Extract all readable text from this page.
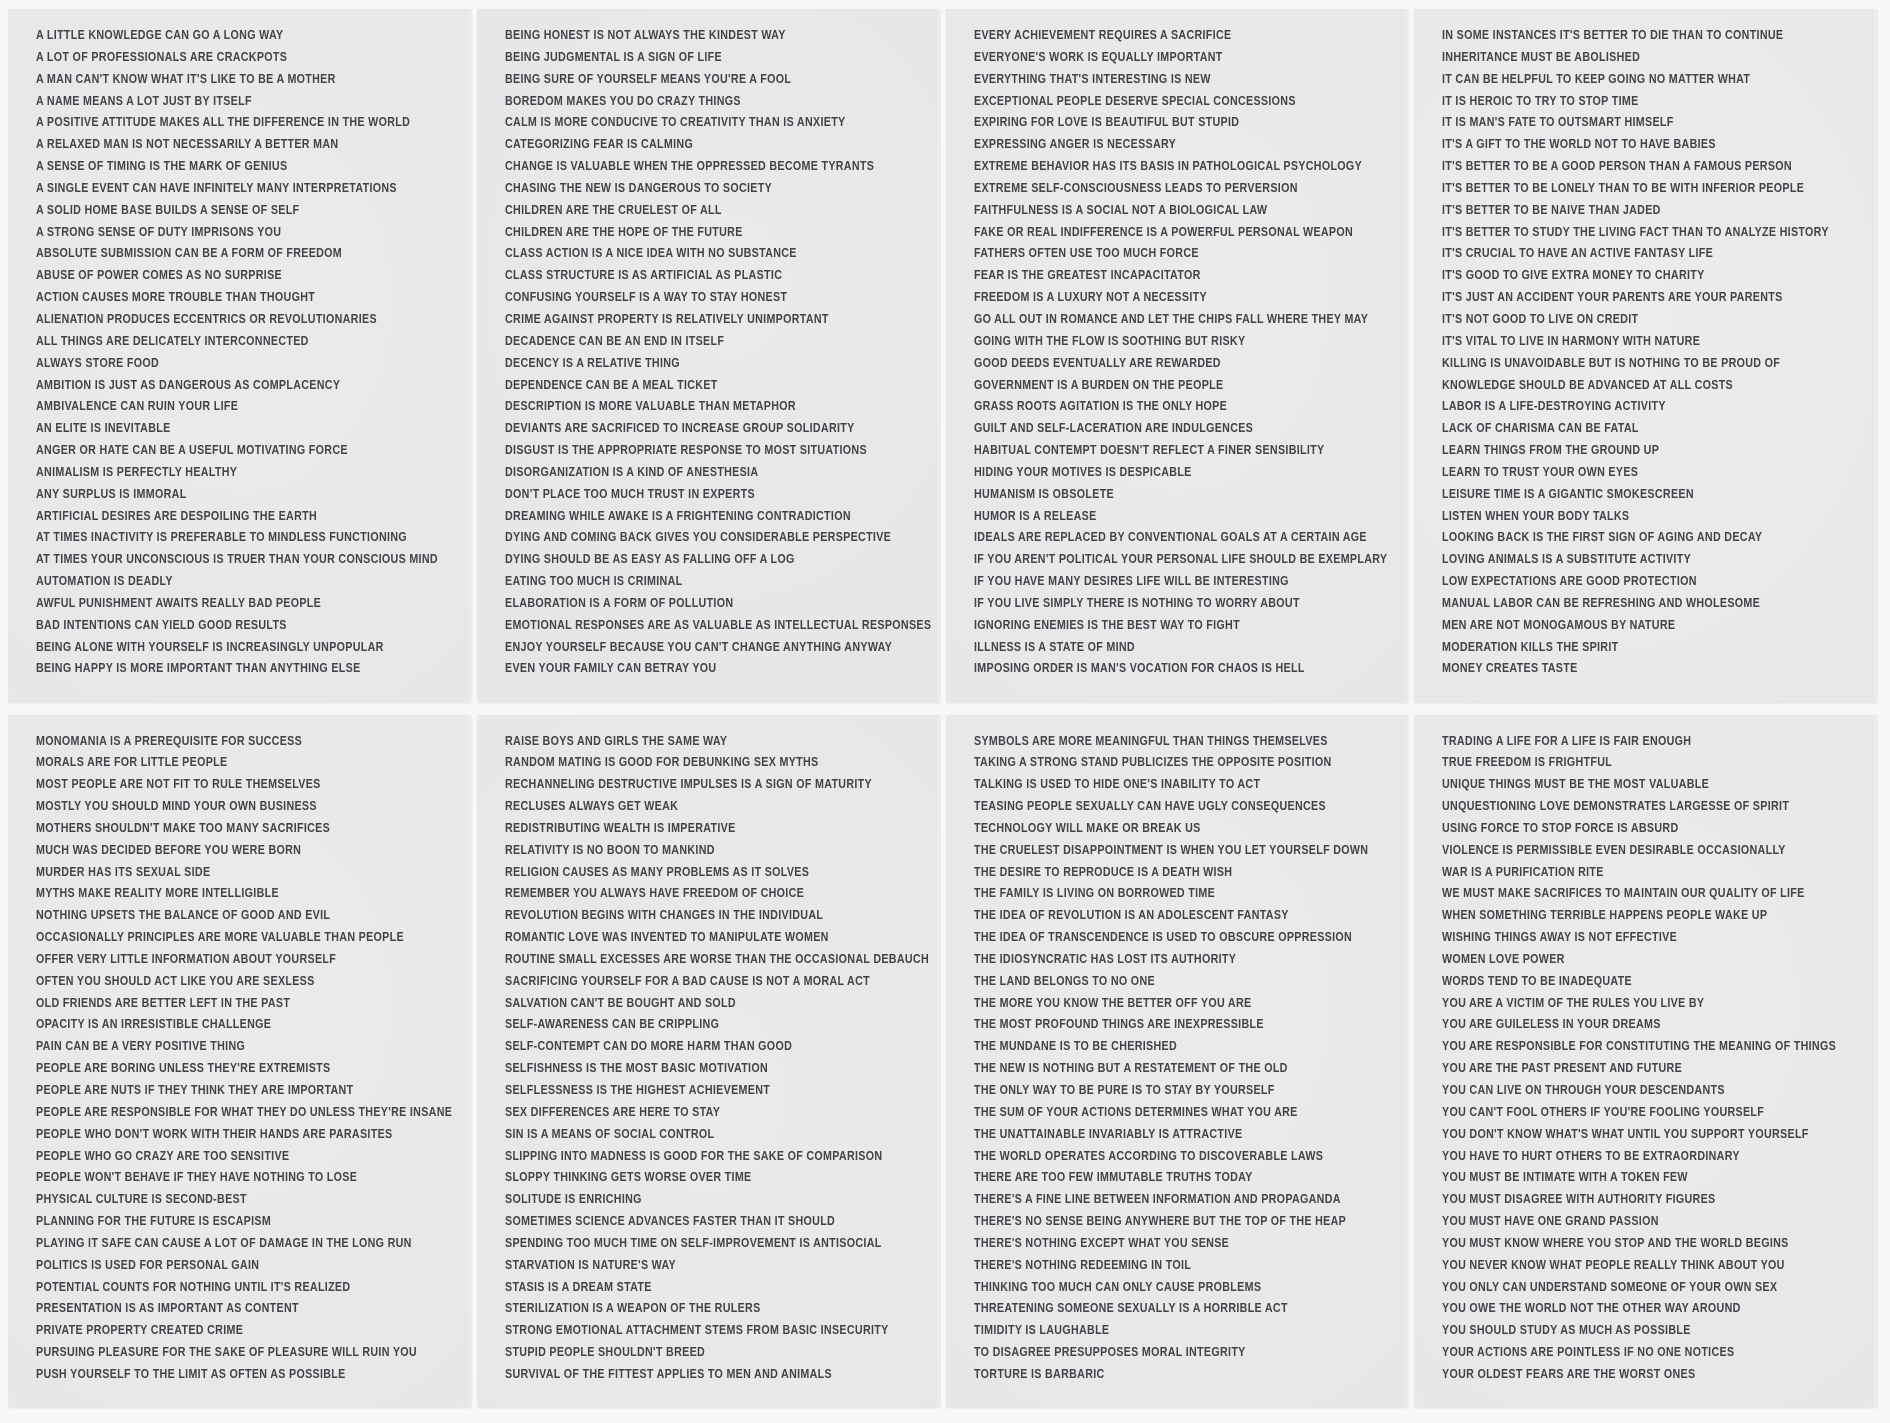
A LITTLE KNOWLEDGE CAN GO A LONG WAY
A LOT OF PROFESSIONALS ARE CRACKPOTS
A MAN CAN'T KNOW WHAT IT'S LIKE TO BE A MOTHER
A NAME MEANS A LOT JUST BY ITSELF
A POSITIVE ATTITUDE MAKES ALL THE DIFFERENCE IN THE WORLD
A RELAXED MAN IS NOT NECESSARILY A BETTER MAN
A SENSE OF TIMING IS THE MARK OF GENIUS
A SINGLE EVENT CAN HAVE INFINITELY MANY INTERPRETATIONS
A SOLID HOME BASE BUILDS A SENSE OF SELF
A STRONG SENSE OF DUTY IMPRISONS YOU
ABSOLUTE SUBMISSION CAN BE A FORM OF FREEDOM
ABUSE OF POWER COMES AS NO SURPRISE
ACTION CAUSES MORE TROUBLE THAN THOUGHT
ALIENATION PRODUCES ECCENTRICS OR REVOLUTIONARIES
ALL THINGS ARE DELICATELY INTERCONNECTED
ALWAYS STORE FOOD
AMBITION IS JUST AS DANGEROUS AS COMPLACENCY
AMBIVALENCE CAN RUIN YOUR LIFE
AN ELITE IS INEVITABLE
ANGER OR HATE CAN BE A USEFUL MOTIVATING FORCE
ANIMALISM IS PERFECTLY HEALTHY
ANY SURPLUS IS IMMORAL
ARTIFICIAL DESIRES ARE DESPOILING THE EARTH
AT TIMES INACTIVITY IS PREFERABLE TO MINDLESS FUNCTIONING
AT TIMES YOUR UNCONSCIOUS IS TRUER THAN YOUR CONSCIOUS MIND
AUTOMATION IS DEADLY
AWFUL PUNISHMENT AWAITS REALLY BAD PEOPLE
BAD INTENTIONS CAN YIELD GOOD RESULTS
BEING ALONE WITH YOURSELF IS INCREASINGLY UNPOPULAR
BEING HAPPY IS MORE IMPORTANT THAN ANYTHING ELSE
BEING HONEST IS NOT ALWAYS THE KINDEST WAY
BEING JUDGMENTAL IS A SIGN OF LIFE
BEING SURE OF YOURSELF MEANS YOU'RE A FOOL
BOREDOM MAKES YOU DO CRAZY THINGS
CALM IS MORE CONDUCIVE TO CREATIVITY THAN IS ANXIETY
CATEGORIZING FEAR IS CALMING
CHANGE IS VALUABLE WHEN THE OPPRESSED BECOME TYRANTS
CHASING THE NEW IS DANGEROUS TO SOCIETY
CHILDREN ARE THE CRUELEST OF ALL
CHILDREN ARE THE HOPE OF THE FUTURE
CLASS ACTION IS A NICE IDEA WITH NO SUBSTANCE
CLASS STRUCTURE IS AS ARTIFICIAL AS PLASTIC
CONFUSING YOURSELF IS A WAY TO STAY HONEST
CRIME AGAINST PROPERTY IS RELATIVELY UNIMPORTANT
DECADENCE CAN BE AN END IN ITSELF
DECENCY IS A RELATIVE THING
DEPENDENCE CAN BE A MEAL TICKET
DESCRIPTION IS MORE VALUABLE THAN METAPHOR
DEVIANTS ARE SACRIFICED TO INCREASE GROUP SOLIDARITY
DISGUST IS THE APPROPRIATE RESPONSE TO MOST SITUATIONS
DISORGANIZATION IS A KIND OF ANESTHESIA
DON'T PLACE TOO MUCH TRUST IN EXPERTS
DREAMING WHILE AWAKE IS A FRIGHTENING CONTRADICTION
DYING AND COMING BACK GIVES YOU CONSIDERABLE PERSPECTIVE
DYING SHOULD BE AS EASY AS FALLING OFF A LOG
EATING TOO MUCH IS CRIMINAL
ELABORATION IS A FORM OF POLLUTION
EMOTIONAL RESPONSES ARE AS VALUABLE AS INTELLECTUAL RESPONSES
ENJOY YOURSELF BECAUSE YOU CAN'T CHANGE ANYTHING ANYWAY
EVEN YOUR FAMILY CAN BETRAY YOU
EVERY ACHIEVEMENT REQUIRES A SACRIFICE
EVERYONE'S WORK IS EQUALLY IMPORTANT
EVERYTHING THAT'S INTERESTING IS NEW
EXCEPTIONAL PEOPLE DESERVE SPECIAL CONCESSIONS
EXPIRING FOR LOVE IS BEAUTIFUL BUT STUPID
EXPRESSING ANGER IS NECESSARY
EXTREME BEHAVIOR HAS ITS BASIS IN PATHOLOGICAL PSYCHOLOGY
EXTREME SELF-CONSCIOUSNESS LEADS TO PERVERSION
FAITHFULNESS IS A SOCIAL NOT A BIOLOGICAL LAW
FAKE OR REAL INDIFFERENCE IS A POWERFUL PERSONAL WEAPON
FATHERS OFTEN USE TOO MUCH FORCE
FEAR IS THE GREATEST INCAPACITATOR
FREEDOM IS A LUXURY NOT A NECESSITY
GO ALL OUT IN ROMANCE AND LET THE CHIPS FALL WHERE THEY MAY
GOING WITH THE FLOW IS SOOTHING BUT RISKY
GOOD DEEDS EVENTUALLY ARE REWARDED
GOVERNMENT IS A BURDEN ON THE PEOPLE
GRASS ROOTS AGITATION IS THE ONLY HOPE
GUILT AND SELF-LACERATION ARE INDULGENCES
HABITUAL CONTEMPT DOESN'T REFLECT A FINER SENSIBILITY
HIDING YOUR MOTIVES IS DESPICABLE
HUMANISM IS OBSOLETE
HUMOR IS A RELEASE
IDEALS ARE REPLACED BY CONVENTIONAL GOALS AT A CERTAIN AGE
IF YOU AREN'T POLITICAL YOUR PERSONAL LIFE SHOULD BE EXEMPLARY
IF YOU HAVE MANY DESIRES LIFE WILL BE INTERESTING
IF YOU LIVE SIMPLY THERE IS NOTHING TO WORRY ABOUT
IGNORING ENEMIES IS THE BEST WAY TO FIGHT
ILLNESS IS A STATE OF MIND
IMPOSING ORDER IS MAN'S VOCATION FOR CHAOS IS HELL
IN SOME INSTANCES IT'S BETTER TO DIE THAN TO CONTINUE
INHERITANCE MUST BE ABOLISHED
IT CAN BE HELPFUL TO KEEP GOING NO MATTER WHAT
IT IS HEROIC TO TRY TO STOP TIME
IT IS MAN'S FATE TO OUTSMART HIMSELF
IT'S A GIFT TO THE WORLD NOT TO HAVE BABIES
IT'S BETTER TO BE A GOOD PERSON THAN A FAMOUS PERSON
IT'S BETTER TO BE LONELY THAN TO BE WITH INFERIOR PEOPLE
IT'S BETTER TO BE NAIVE THAN JADED
IT'S BETTER TO STUDY THE LIVING FACT THAN TO ANALYZE HISTORY
IT'S CRUCIAL TO HAVE AN ACTIVE FANTASY LIFE
IT'S GOOD TO GIVE EXTRA MONEY TO CHARITY
IT'S JUST AN ACCIDENT YOUR PARENTS ARE YOUR PARENTS
IT'S NOT GOOD TO LIVE ON CREDIT
IT'S VITAL TO LIVE IN HARMONY WITH NATURE
KILLING IS UNAVOIDABLE BUT IS NOTHING TO BE PROUD OF
KNOWLEDGE SHOULD BE ADVANCED AT ALL COSTS
LABOR IS A LIFE-DESTROYING ACTIVITY
LACK OF CHARISMA CAN BE FATAL
LEARN THINGS FROM THE GROUND UP
LEARN TO TRUST YOUR OWN EYES
LEISURE TIME IS A GIGANTIC SMOKESCREEN
LISTEN WHEN YOUR BODY TALKS
LOOKING BACK IS THE FIRST SIGN OF AGING AND DECAY
LOVING ANIMALS IS A SUBSTITUTE ACTIVITY
LOW EXPECTATIONS ARE GOOD PROTECTION
MANUAL LABOR CAN BE REFRESHING AND WHOLESOME
MEN ARE NOT MONOGAMOUS BY NATURE
MODERATION KILLS THE SPIRIT
MONEY CREATES TASTE
MONOMANIA IS A PREREQUISITE FOR SUCCESS
MORALS ARE FOR LITTLE PEOPLE
MOST PEOPLE ARE NOT FIT TO RULE THEMSELVES
MOSTLY YOU SHOULD MIND YOUR OWN BUSINESS
MOTHERS SHOULDN'T MAKE TOO MANY SACRIFICES
MUCH WAS DECIDED BEFORE YOU WERE BORN
MURDER HAS ITS SEXUAL SIDE
MYTHS MAKE REALITY MORE INTELLIGIBLE
NOTHING UPSETS THE BALANCE OF GOOD AND EVIL
OCCASIONALLY PRINCIPLES ARE MORE VALUABLE THAN PEOPLE
OFFER VERY LITTLE INFORMATION ABOUT YOURSELF
OFTEN YOU SHOULD ACT LIKE YOU ARE SEXLESS
OLD FRIENDS ARE BETTER LEFT IN THE PAST
OPACITY IS AN IRRESISTIBLE CHALLENGE
PAIN CAN BE A VERY POSITIVE THING
PEOPLE ARE BORING UNLESS THEY'RE EXTREMISTS
PEOPLE ARE NUTS IF THEY THINK THEY ARE IMPORTANT
PEOPLE ARE RESPONSIBLE FOR WHAT THEY DO UNLESS THEY'RE INSANE
PEOPLE WHO DON'T WORK WITH THEIR HANDS ARE PARASITES
PEOPLE WHO GO CRAZY ARE TOO SENSITIVE
PEOPLE WON'T BEHAVE IF THEY HAVE NOTHING TO LOSE
PHYSICAL CULTURE IS SECOND-BEST
PLANNING FOR THE FUTURE IS ESCAPISM
PLAYING IT SAFE CAN CAUSE A LOT OF DAMAGE IN THE LONG RUN
POLITICS IS USED FOR PERSONAL GAIN
POTENTIAL COUNTS FOR NOTHING UNTIL IT'S REALIZED
PRESENTATION IS AS IMPORTANT AS CONTENT
PRIVATE PROPERTY CREATED CRIME
PURSUING PLEASURE FOR THE SAKE OF PLEASURE WILL RUIN YOU
PUSH YOURSELF TO THE LIMIT AS OFTEN AS POSSIBLE
RAISE BOYS AND GIRLS THE SAME WAY
RANDOM MATING IS GOOD FOR DEBUNKING SEX MYTHS
RECHANNELING DESTRUCTIVE IMPULSES IS A SIGN OF MATURITY
RECLUSES ALWAYS GET WEAK
REDISTRIBUTING WEALTH IS IMPERATIVE
RELATIVITY IS NO BOON TO MANKIND
RELIGION CAUSES AS MANY PROBLEMS AS IT SOLVES
REMEMBER YOU ALWAYS HAVE FREEDOM OF CHOICE
REVOLUTION BEGINS WITH CHANGES IN THE INDIVIDUAL
ROMANTIC LOVE WAS INVENTED TO MANIPULATE WOMEN
ROUTINE SMALL EXCESSES ARE WORSE THAN THE OCCASIONAL DEBAUCH
SACRIFICING YOURSELF FOR A BAD CAUSE IS NOT A MORAL ACT
SALVATION CAN'T BE BOUGHT AND SOLD
SELF-AWARENESS CAN BE CRIPPLING
SELF-CONTEMPT CAN DO MORE HARM THAN GOOD
SELFISHNESS IS THE MOST BASIC MOTIVATION
SELFLESSNESS IS THE HIGHEST ACHIEVEMENT
SEX DIFFERENCES ARE HERE TO STAY
SIN IS A MEANS OF SOCIAL CONTROL
SLIPPING INTO MADNESS IS GOOD FOR THE SAKE OF COMPARISON
SLOPPY THINKING GETS WORSE OVER TIME
SOLITUDE IS ENRICHING
SOMETIMES SCIENCE ADVANCES FASTER THAN IT SHOULD
SPENDING TOO MUCH TIME ON SELF-IMPROVEMENT IS ANTISOCIAL
STARVATION IS NATURE'S WAY
STASIS IS A DREAM STATE
STERILIZATION IS A WEAPON OF THE RULERS
STRONG EMOTIONAL ATTACHMENT STEMS FROM BASIC INSECURITY
STUPID PEOPLE SHOULDN'T BREED
SURVIVAL OF THE FITTEST APPLIES TO MEN AND ANIMALS
SYMBOLS ARE MORE MEANINGFUL THAN THINGS THEMSELVES
TAKING A STRONG STAND PUBLICIZES THE OPPOSITE POSITION
TALKING IS USED TO HIDE ONE'S INABILITY TO ACT
TEASING PEOPLE SEXUALLY CAN HAVE UGLY CONSEQUENCES
TECHNOLOGY WILL MAKE OR BREAK US
THE CRUELEST DISAPPOINTMENT IS WHEN YOU LET YOURSELF DOWN
THE DESIRE TO REPRODUCE IS A DEATH WISH
THE FAMILY IS LIVING ON BORROWED TIME
THE IDEA OF REVOLUTION IS AN ADOLESCENT FANTASY
THE IDEA OF TRANSCENDENCE IS USED TO OBSCURE OPPRESSION
THE IDIOSYNCRATIC HAS LOST ITS AUTHORITY
THE LAND BELONGS TO NO ONE
THE MORE YOU KNOW THE BETTER OFF YOU ARE
THE MOST PROFOUND THINGS ARE INEXPRESSIBLE
THE MUNDANE IS TO BE CHERISHED
THE NEW IS NOTHING BUT A RESTATEMENT OF THE OLD
THE ONLY WAY TO BE PURE IS TO STAY BY YOURSELF
THE SUM OF YOUR ACTIONS DETERMINES WHAT YOU ARE
THE UNATTAINABLE INVARIABLY IS ATTRACTIVE
THE WORLD OPERATES ACCORDING TO DISCOVERABLE LAWS
THERE ARE TOO FEW IMMUTABLE TRUTHS TODAY
THERE'S A FINE LINE BETWEEN INFORMATION AND PROPAGANDA
THERE'S NO SENSE BEING ANYWHERE BUT THE TOP OF THE HEAP
THERE'S NOTHING EXCEPT WHAT YOU SENSE
THERE'S NOTHING REDEEMING IN TOIL
THINKING TOO MUCH CAN ONLY CAUSE PROBLEMS
THREATENING SOMEONE SEXUALLY IS A HORRIBLE ACT
TIMIDITY IS LAUGHABLE
TO DISAGREE PRESUPPOSES MORAL INTEGRITY
TORTURE IS BARBARIC
TRADING A LIFE FOR A LIFE IS FAIR ENOUGH
TRUE FREEDOM IS FRIGHTFUL
UNIQUE THINGS MUST BE THE MOST VALUABLE
UNQUESTIONING LOVE DEMONSTRATES LARGESSE OF SPIRIT
USING FORCE TO STOP FORCE IS ABSURD
VIOLENCE IS PERMISSIBLE EVEN DESIRABLE OCCASIONALLY
WAR IS A PURIFICATION RITE
WE MUST MAKE SACRIFICES TO MAINTAIN OUR QUALITY OF LIFE
WHEN SOMETHING TERRIBLE HAPPENS PEOPLE WAKE UP
WISHING THINGS AWAY IS NOT EFFECTIVE
WOMEN LOVE POWER
WORDS TEND TO BE INADEQUATE
YOU ARE A VICTIM OF THE RULES YOU LIVE BY
YOU ARE GUILELESS IN YOUR DREAMS
YOU ARE RESPONSIBLE FOR CONSTITUTING THE MEANING OF THINGS
YOU ARE THE PAST PRESENT AND FUTURE
YOU CAN LIVE ON THROUGH YOUR DESCENDANTS
YOU CAN'T FOOL OTHERS IF YOU'RE FOOLING YOURSELF
YOU DON'T KNOW WHAT'S WHAT UNTIL YOU SUPPORT YOURSELF
YOU HAVE TO HURT OTHERS TO BE EXTRAORDINARY
YOU MUST BE INTIMATE WITH A TOKEN FEW
YOU MUST DISAGREE WITH AUTHORITY FIGURES
YOU MUST HAVE ONE GRAND PASSION
YOU MUST KNOW WHERE YOU STOP AND THE WORLD BEGINS
YOU NEVER KNOW WHAT PEOPLE REALLY THINK ABOUT YOU
YOU ONLY CAN UNDERSTAND SOMEONE OF YOUR OWN SEX
YOU OWE THE WORLD NOT THE OTHER WAY AROUND
YOU SHOULD STUDY AS MUCH AS POSSIBLE
YOUR ACTIONS ARE POINTLESS IF NO ONE NOTICES
YOUR OLDEST FEARS ARE THE WORST ONES
